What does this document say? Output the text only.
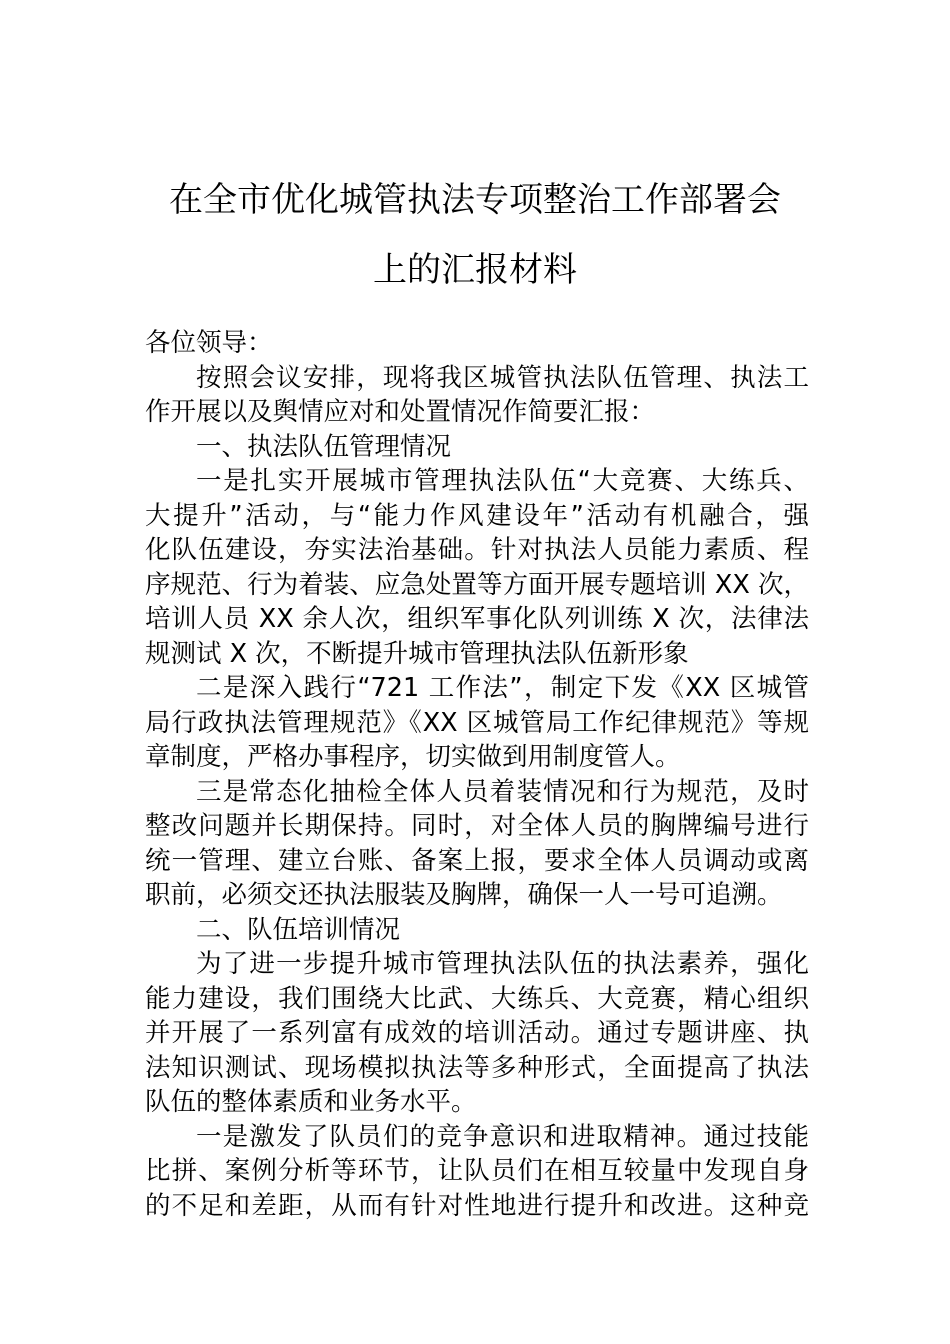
在全市优化城管执法专项整治工作部署会
上的汇报材料
各位领导：
按照会议安排，现将我区城管执法队伍管理、执法工
作开展以及舆情应对和处置情况作简要汇报：
一、执法队伍管理情况
一是扎实开展城市管理执法队伍“大竞赛、大练兵、
大提升”活动，与“能力作风建设年”活动有机融合，强
化队伍建设，夯实法治基础。针对执法人员能力素质、程
序规范、行为着装、应急处置等方面开展专题培训 XX 次，
培训人员 XX 余人次，组织军事化队列训练 X 次，法律法
规测试 X 次，不断提升城市管理执法队伍新形象
二是深入践行“721 工作法”，制定下发《XX 区城管
局行政执法管理规范》《XX 区城管局工作纪律规范》等规
章制度，严格办事程序，切实做到用制度管人。
三是常态化抽检全体人员着装情况和行为规范，及时
整改问题并长期保持。同时，对全体人员的胸牌编号进行
统一管理、建立台账、备案上报，要求全体人员调动或离
职前，必须交还执法服装及胸牌，确保一人一号可追溯。
二、队伍培训情况
为了进一步提升城市管理执法队伍的执法素养，强化
能力建设，我们围绕大比武、大练兵、大竞赛，精心组织
并开展了一系列富有成效的培训活动。通过专题讲座、执
法知识测试、现场模拟执法等多种形式，全面提高了执法
队伍的整体素质和业务水平。
一是激发了队员们的竞争意识和进取精神。通过技能
比拼、案例分析等环节，让队员们在相互较量中发现自身
的不足和差距，从而有针对性地进行提升和改进。这种竞
